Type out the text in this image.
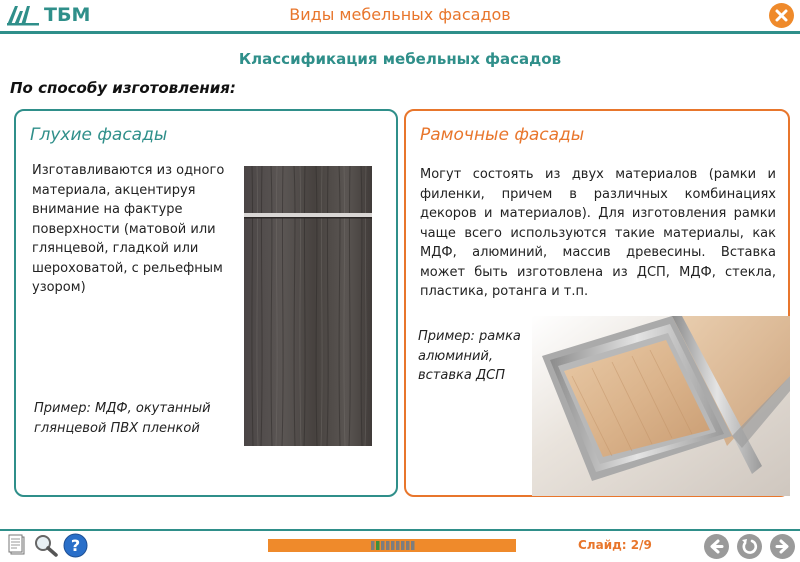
ТБМ	Виды мебельных фасадов
Классификация мебельных фасадов
По способу изготовления:
Глухие фасады
Изготавливаются из одного материала, акцентируя внимание на фактуре поверхности (матовой или глянцевой, гладкой или шероховатой, с рельефным узором)
Пример: МДФ, окутанный глянцевой ПВХ пленкой
Рамочные фасады
Могут состоять из двух материалов (рамки и филенки, причем в различных комбинациях декоров и материалов). Для изготовления рамки чаще всего используются такие материалы, как МДФ, алюминий, массив древесины. Вставка может быть изготовлена из ДСП, МДФ, стекла, пластика, ротанга и т.п.
Пример: рамка алюминий, вставка ДСП
?	Слайд: 2/9
